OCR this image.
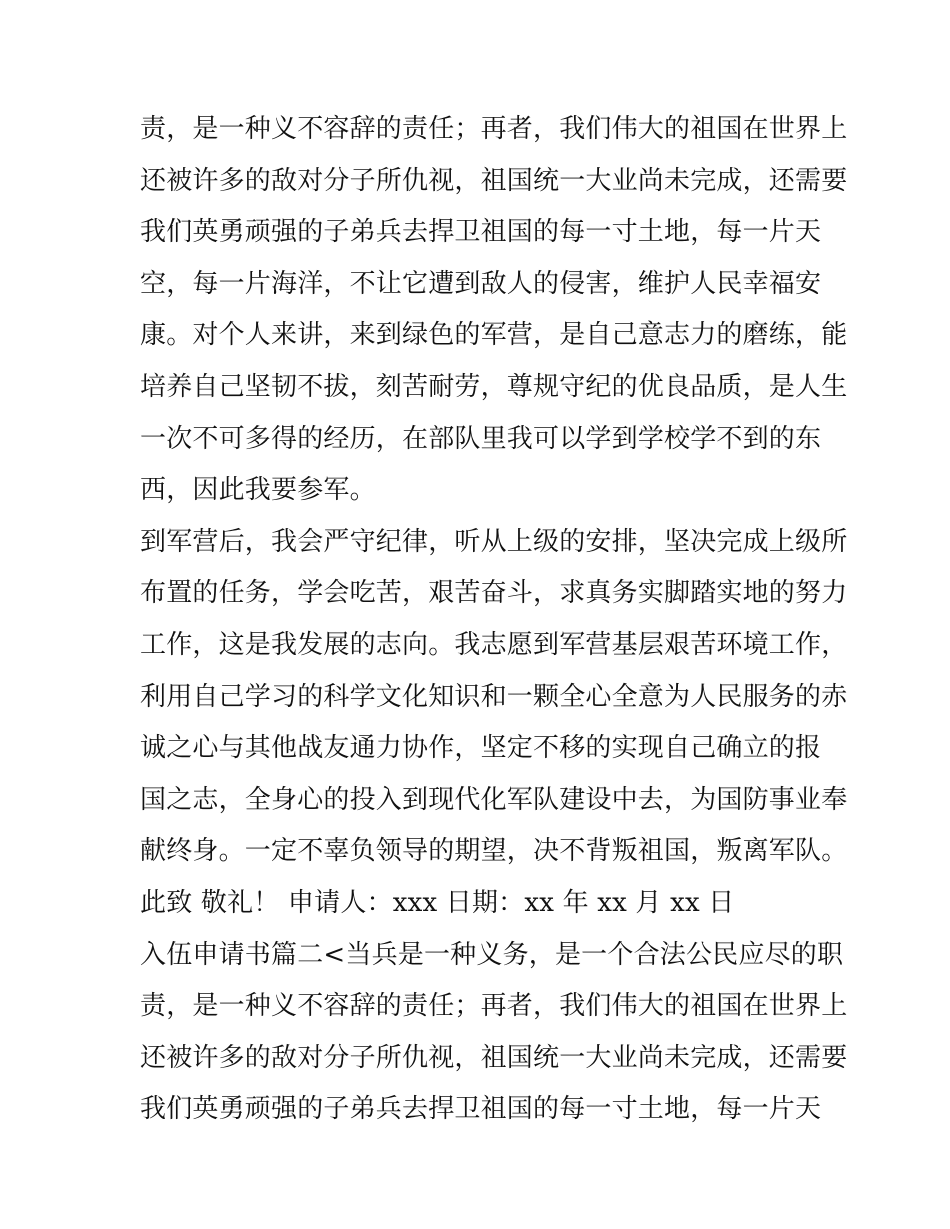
责，是一种义不容辞的责任；再者，我们伟大的祖国在世界上
还被许多的敌对分子所仇视，祖国统一大业尚未完成，还需要
我们英勇顽强的子弟兵去捍卫祖国的每一寸土地，每一片天
空，每一片海洋，不让它遭到敌人的侵害，维护人民幸福安
康。对个人来讲，来到绿色的军营，是自己意志力的磨练，能
培养自己坚韧不拔，刻苦耐劳，尊规守纪的优良品质，是人生
一次不可多得的经历，在部队里我可以学到学校学不到的东
西，因此我要参军。
到军营后，我会严守纪律，听从上级的安排，坚决完成上级所
布置的任务，学会吃苦，艰苦奋斗，求真务实脚踏实地的努力
工作，这是我发展的志向。我志愿到军营基层艰苦环境工作，
利用自己学习的科学文化知识和一颗全心全意为人民服务的赤
诚之心与其他战友通力协作，坚定不移的实现自己确立的报
国之志，全身心的投入到现代化军队建设中去，为国防事业奉
献终身。一定不辜负领导的期望，决不背叛祖国，叛离军队。
此致 敬礼！ 申请人：xxx 日期：xx 年 xx 月 xx 日
入伍申请书篇二<当兵是一种义务，是一个合法公民应尽的职
责，是一种义不容辞的责任；再者，我们伟大的祖国在世界上
还被许多的敌对分子所仇视，祖国统一大业尚未完成，还需要
我们英勇顽强的子弟兵去捍卫祖国的每一寸土地，每一片天
